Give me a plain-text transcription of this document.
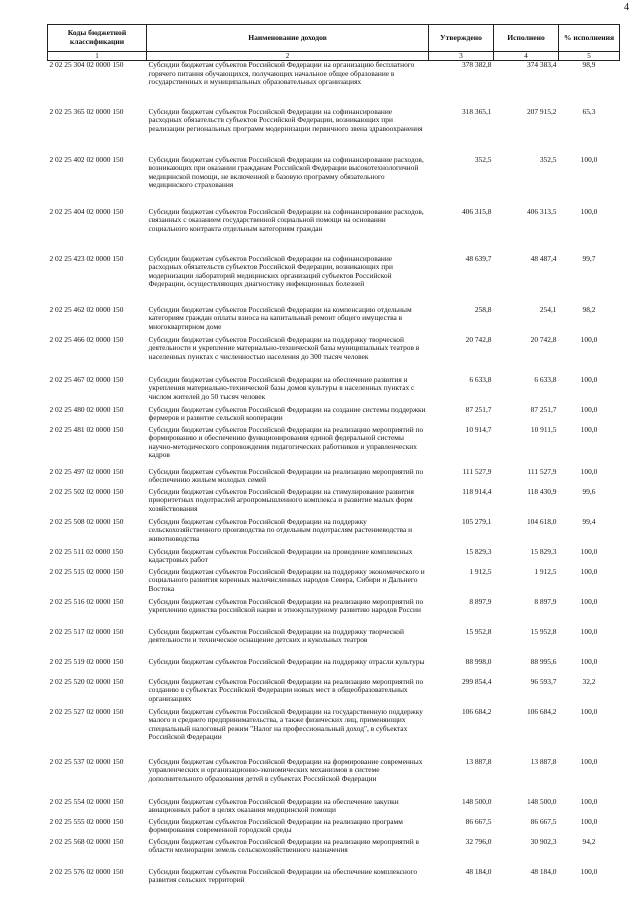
4
Коды бюджетной классификации	Наименование доходов	Утверждено	Исполнено	% исполнения
1	2	3	4	5
2 02 25 304 02 0000 150	Субсидии бюджетам субъектов Российской Федерации на организацию бесплатного горячего питания обучающихся, получающих начальное общее образование в государственных и муниципальных образовательных организациях	378 382,8	374 383,4	98,9
2 02 25 365 02 0000 150	Субсидии бюджетам субъектов Российской Федерации на софинансирование расходных обязательств субъектов Российской Федерации, возникающих при реализации региональных программ модернизации первичного звена здравоохранения	318 365,1	207 915,2	65,3
2 02 25 402 02 0000 150	Субсидии бюджетам субъектов Российской Федерации на софинансирование расходов, возникающих при оказании гражданам Российской Федерации высокотехнологичной медицинской помощи, не включенной в базовую программу обязательного медицинского страхования	352,5	352,5	100,0
2 02 25 404 02 0000 150	Субсидии бюджетам субъектов Российской Федерации на софинансирование расходов, связанных с оказанием государственной социальной помощи на основании социального контракта отдельным категориям граждан	406 315,8	406 313,5	100,0
2 02 25 423 02 0000 150	Субсидии бюджетам субъектов Российской Федерации на софинансирование расходных обязательств субъектов Российской Федерации, возникающих при модернизации лабораторий медицинских организаций субъектов Российской Федерации, осуществляющих диагностику инфекционных болезней	48 639,7	48 487,4	99,7
2 02 25 462 02 0000 150	Субсидии бюджетам субъектов Российской Федерации на компенсацию отдельным категориям граждан оплаты взноса на капитальный ремонт общего имущества в многоквартирном доме	258,8	254,1	98,2
2 02 25 466 02 0000 150	Субсидии бюджетам субъектов Российской Федерации на поддержку творческой деятельности и укрепление материально-технической базы муниципальных театров в населенных пунктах с численностью населения до 300 тысяч человек	20 742,8	20 742,8	100,0
2 02 25 467 02 0000 150	Субсидии бюджетам субъектов Российской Федерации на обеспечение развития и укрепления материально-технической базы домов культуры в населенных пунктах с числом жителей до 50 тысяч человек	6 633,8	6 633,8	100,0
2 02 25 480 02 0000 150	Субсидии бюджетам субъектов Российской Федерации на создание системы поддержки фермеров и развитие сельской кооперации	87 251,7	87 251,7	100,0
2 02 25 481 02 0000 150	Субсидии бюджетам субъектов Российской Федерации на реализацию мероприятий по формированию и обеспечению функционирования единой федеральной системы научно-методического сопровождения педагогических работников и управленческих кадров	10 914,7	10 911,5	100,0
2 02 25 497 02 0000 150	Субсидии бюджетам субъектов Российской Федерации на реализацию мероприятий по обеспечению жильем молодых семей	111 527,9	111 527,9	100,0
2 02 25 502 02 0000 150	Субсидии бюджетам субъектов Российской Федерации на стимулирование развития приоритетных подотраслей агропромышленного комплекса и развитие малых форм хозяйствования	118 914,4	118 430,9	99,6
2 02 25 508 02 0000 150	Субсидии бюджетам субъектов Российской Федерации на поддержку сельскохозяйственного производства по отдельным подотраслям растениеводства и животноводства	105 279,1	104 618,0	99,4
2 02 25 511 02 0000 150	Субсидии бюджетам субъектов Российской Федерации на проведение комплексных кадастровых работ	15 829,3	15 829,3	100,0
2 02 25 515 02 0000 150	Субсидии бюджетам субъектов Российской Федерации на поддержку экономического и социального развития коренных малочисленных народов Севера, Сибири и Дальнего Востока	1 912,5	1 912,5	100,0
2 02 25 516 02 0000 150	Субсидии бюджетам субъектов Российской Федерации на реализацию мероприятий по укреплению единства российской нации и этнокультурному развитию народов России	8 897,9	8 897,9	100,0
2 02 25 517 02 0000 150	Субсидии бюджетам субъектов Российской Федерации на поддержку творческой деятельности и техническое оснащение детских и кукольных театров	15 952,8	15 952,8	100,0
2 02 25 519 02 0000 150	Субсидии бюджетам субъектов Российской Федерации на поддержку отрасли культуры	88 998,0	88 995,6	100,0
2 02 25 520 02 0000 150	Субсидии бюджетам субъектов Российской Федерации на реализацию мероприятий по созданию в субъектах Российской Федерации новых мест в общеобразовательных организациях	299 854,4	96 593,7	32,2
2 02 25 527 02 0000 150	Субсидии бюджетам субъектов Российской Федерации на государственную поддержку малого и среднего предпринимательства, а также физических лиц, применяющих специальный налоговый режим "Налог на профессиональный доход", в субъектах Российской Федерации	106 684,2	106 684,2	100,0
2 02 25 537 02 0000 150	Субсидии бюджетам субъектов Российской Федерации на формирование современных управленческих и организационно-экономических механизмов в системе дополнительного образования детей в субъектах Российской Федерации	13 887,8	13 887,8	100,0
2 02 25 554 02 0000 150	Субсидии бюджетам субъектов Российской Федерации на обеспечение закупки авиационных работ в целях оказания медицинской помощи	148 500,0	148 500,0	100,0
2 02 25 555 02 0000 150	Субсидии бюджетам субъектов Российской Федерации на реализацию программ формирования современной городской среды	86 667,5	86 667,5	100,0
2 02 25 568 02 0000 150	Субсидии бюджетам субъектов Российской Федерации на реализацию мероприятий в области мелиорации земель сельскохозяйственного назначения	32 796,0	30 902,3	94,2
2 02 25 576 02 0000 150	Субсидии бюджетам субъектов Российской Федерации на обеспечение комплексного развития сельских территорий	48 184,0	48 184,0	100,0
